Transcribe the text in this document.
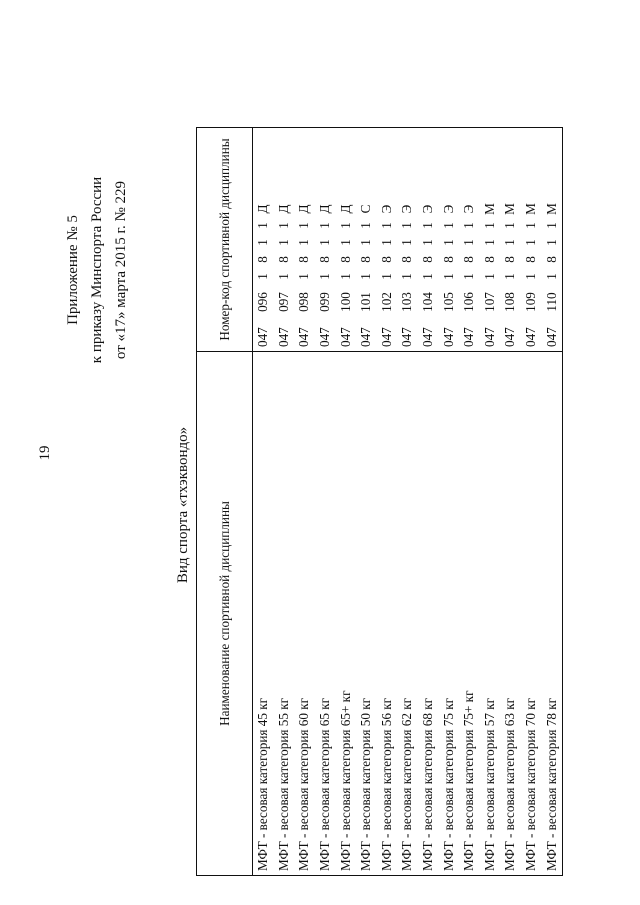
19
Приложение № 5 к приказу Минспорта России от «17» марта 2015 г. № 229
Вид спорта «тхэквондо» Наименование спортивной дисциплины	Номер-код спортивной дисциплины
МФТ - весовая категория 45 кг	0470961811Д
МФТ - весовая категория 55 кг	0470971811Д
МФТ - весовая категория 60 кг	0470981811Д
МФТ - весовая категория 65 кг	0470991811Д
МФТ - весовая категория 65+ кг	0471001811Д
МФТ - весовая категория 50 кг	0471011811С
МФТ - весовая категория 56 кг	0471021811Э
МФТ - весовая категория 62 кг	0471031811Э
МФТ - весовая категория 68 кг	0471041811Э
МФТ - весовая категория 75 кг	0471051811Э
МФТ - весовая категория 75+ кг	0471061811Э
МФТ - весовая категория 57 кг	0471071811М
МФТ - весовая категория 63 кг	0471081811М
МФТ - весовая категория 70 кг	0471091811М
МФТ - весовая категория 78 кг	0471101811М
